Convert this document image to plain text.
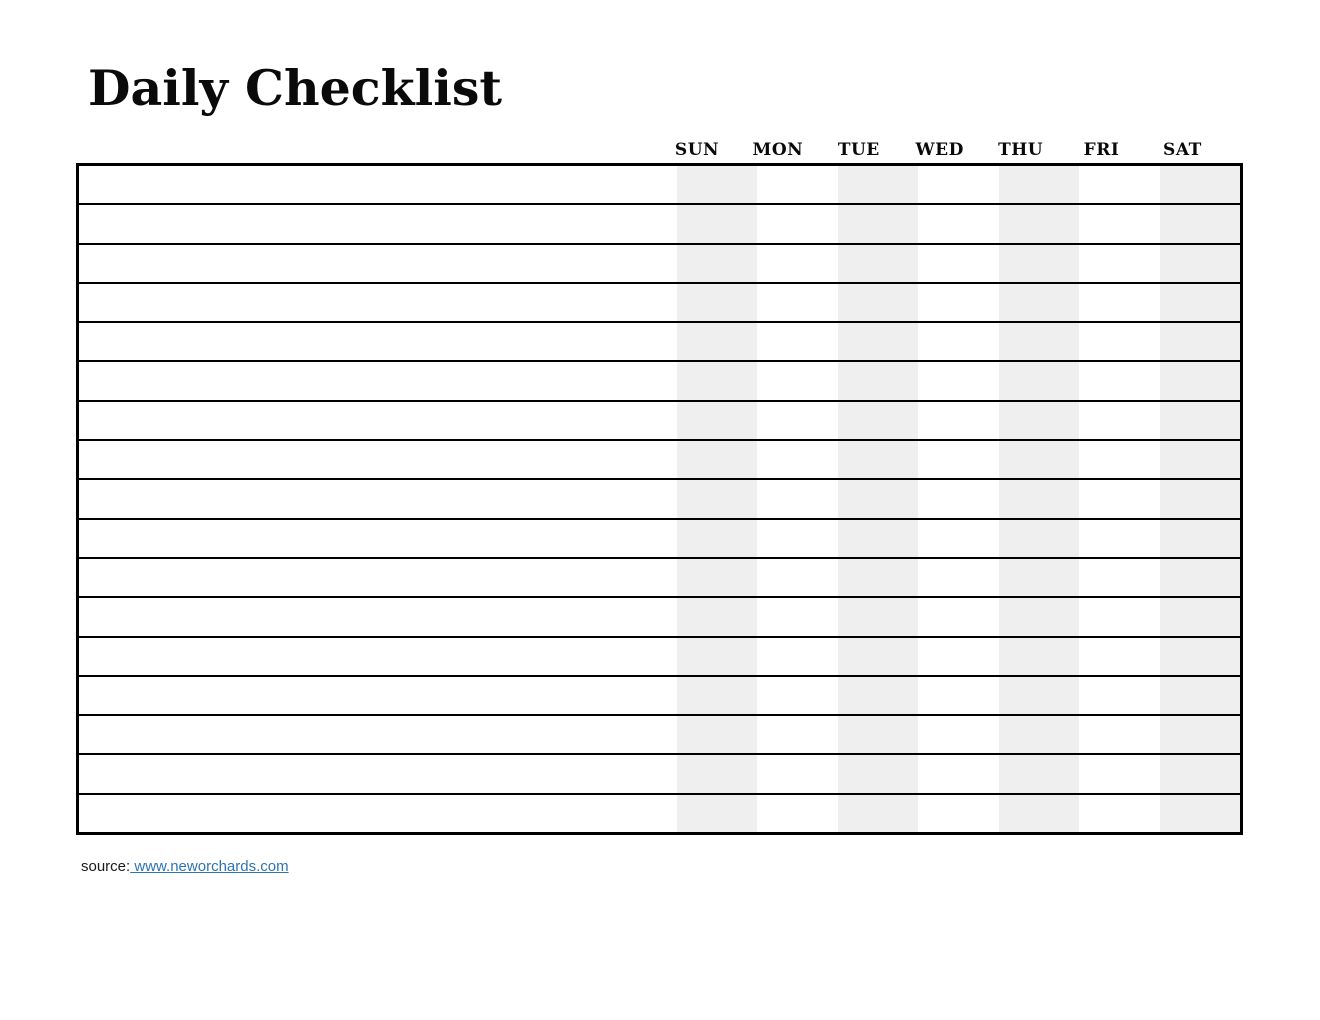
Daily Checklist
SUN	MON	TUE	WED	THU	FRI	SAT
source: www.neworchards.com
